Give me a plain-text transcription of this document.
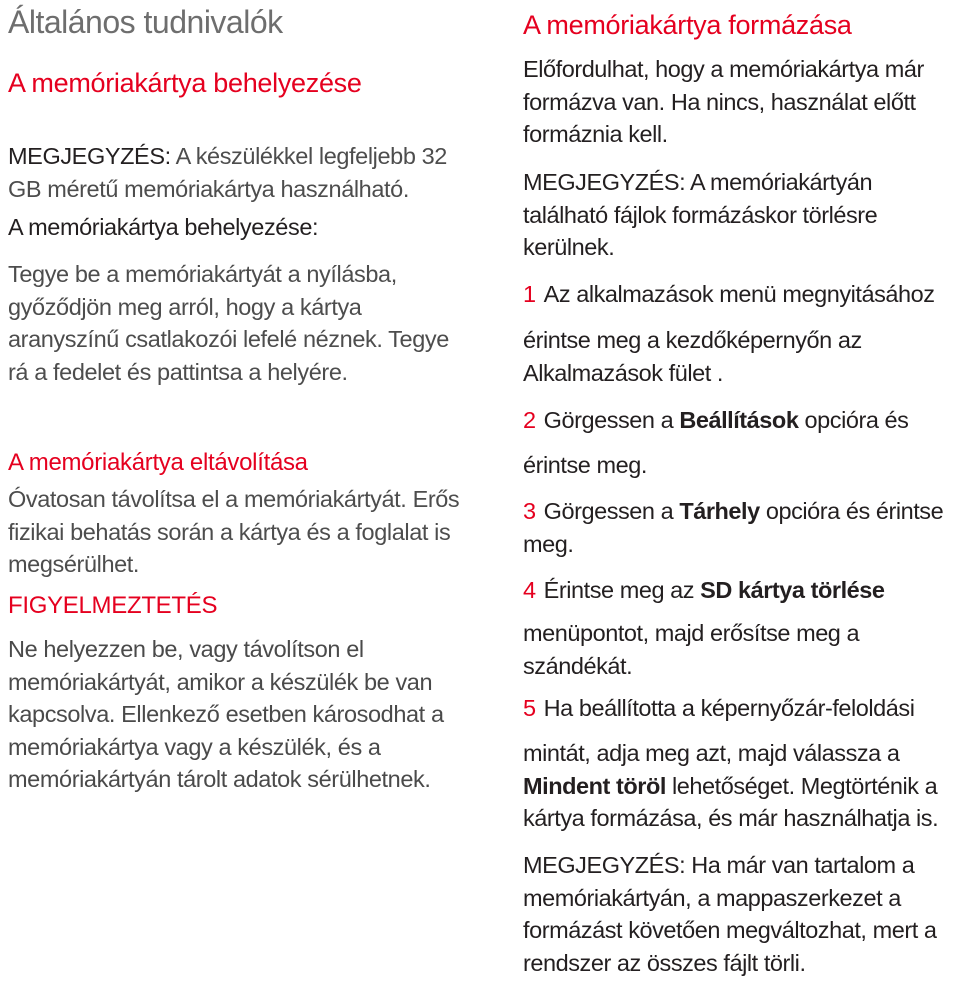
Általános tudnivalók
A memóriakártya behelyezése
MEGJEGYZÉS: A készülékkel legfeljebb 32 GB méretű memóriakártya használható.
A memóriakártya behelyezése:
Tegye be a memóriakártyát a nyílásba, győződjön meg arról, hogy a kártya aranyszínű csatlakozói lefelé néznek. Tegye rá a fedelet és pattintsa a helyére.
A memóriakártya eltávolítása
Óvatosan távolítsa el a memóriakártyát. Erős fizikai behatás során a kártya és a foglalat is megsérülhet.
FIGYELMEZTETÉS
Ne helyezzen be, vagy távolítson el memóriakártyát, amikor a készülék be van kapcsolva. Ellenkező esetben károsodhat a memóriakártya vagy a készülék, és a memóriakártyán tárolt adatok sérülhetnek.
A memóriakártya formázása
Előfordulhat, hogy a memóriakártya már formázva van. Ha nincs, használat előtt formáznia kell.
MEGJEGYZÉS: A memóriakártyán található fájlok formázáskor törlésre kerülnek.
1 Az alkalmazások menü megnyitásához
érintse meg a kezdőképernyőn az Alkalmazások fület .
2 Görgessen a Beállítások opcióra és
érintse meg.
3 Görgessen a Tárhely opcióra és érintse meg.
4 Érintse meg az SD kártya törlése
menüpontot, majd erősítse meg a szándékát.
5 Ha beállította a képernyőzár-feloldási
mintát, adja meg azt, majd válassza a Mindent töröl lehetőséget. Megtörténik a kártya formázása, és már használhatja is.
MEGJEGYZÉS: Ha már van tartalom a memóriakártyán, a mappaszerkezet a formázást követően megváltozhat, mert a rendszer az összes fájlt törli.
